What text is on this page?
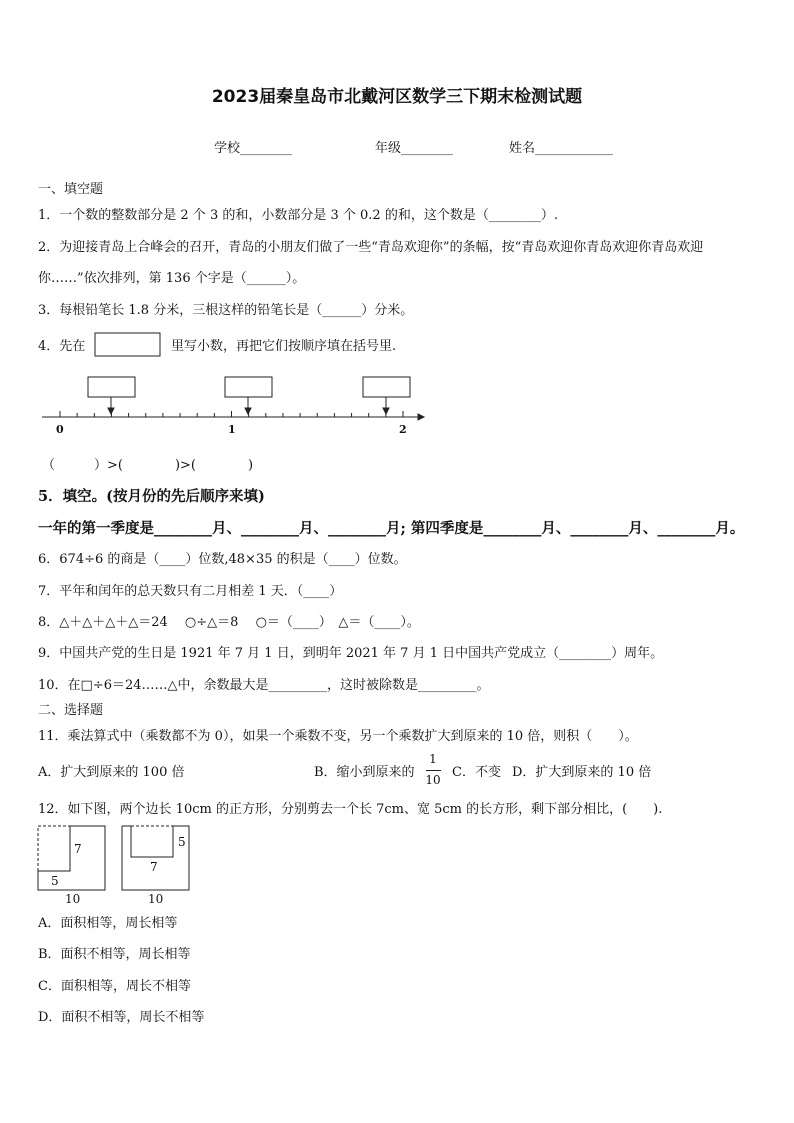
2023届秦皇岛市北戴河区数学三下期末检测试题
学校________	年级________	姓名____________
一、填空题
1．一个数的整数部分是 2 个 3 的和，小数部分是 3 个 0.2 的和，这个数是（________）.
2．为迎接青岛上合峰会的召开，青岛的小朋友们做了一些“青岛欢迎你”的条幅，按“青岛欢迎你青岛欢迎你青岛欢迎
你……”依次排列，第 136 个字是（______）。
3．每根铅笔长 1.8 分米，三根这样的铅笔长是（______）分米。
4．先在	里写小数，再把它们按顺序填在括号里.
0	1	2
（　　　）>(　　　　)>(　　　　)
5．填空。(按月份的先后顺序来填)
一年的第一季度是________月、________月、________月; 第四季度是________月、________月、________月。
6．674÷6 的商是（____）位数,48×35 的积是（____）位数。
7．平年和闰年的总天数只有二月相差 1 天．（____）
8．△＋△＋△＋△＝24　 ○÷△＝8　 ○＝（____）　△＝（____）。
9．中国共产党的生日是 1921 年 7 月 1 日，到明年 2021 年 7 月 1 日中国共产党成立（________）周年。
10．在□÷6＝24……△中，余数最大是_________，这时被除数是_________。
二、选择题
11．乘法算式中（乘数都不为 0），如果一个乘数不变，另一个乘数扩大到原来的 10 倍，则积（　　）。
A．扩大到原来的 100 倍	B．缩小到原来的
1
10 C．不变 D．扩大到原来的 10 倍
12．如下图，两个边长 10cm 的正方形，分别剪去一个长 7cm、宽 5cm 的长方形，剩下部分相比，(　　).
7
5
10
5
7
10
A．面积相等，周长相等
B．面积不相等，周长相等
C．面积相等，周长不相等
D．面积不相等，周长不相等
